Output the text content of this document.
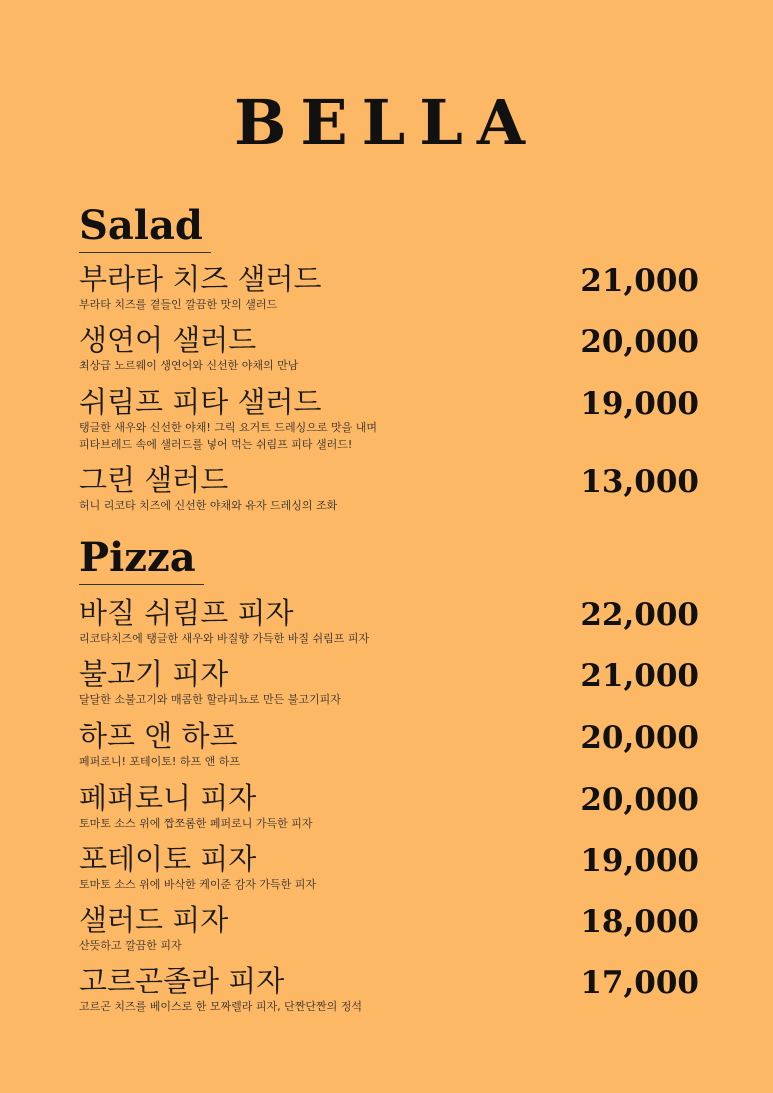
BELLA
Salad
부라타 치즈 샐러드
부라타 치즈를 곁들인 깔끔한 맛의 샐러드
21,000
생연어 샐러드
최상급 노르웨이 생연어와 신선한 야채의 만남
20,000
쉬림프 피타 샐러드
탱글한 새우와 신선한 야채! 그릭 요거트 드레싱으로 맛을 내며
피타브레드 속에 샐러드를 넣어 먹는 쉬림프 피타 샐러드!
19,000
그린 샐러드
허니 리코타 치즈에 신선한 야채와 유자 드레싱의 조화
13,000
Pizza
바질 쉬림프 피자
리코타치즈에 탱글한 새우와 바질향 가득한 바질 쉬림프 피자
22,000
불고기 피자
달달한 소불고기와 매콤한 할라피뇨로 만든 불고기피자
21,000
하프 앤 하프
페퍼로니! 포테이토! 하프 앤 하프
20,000
페퍼로니 피자
토마토 소스 위에 짭쪼롬한 페퍼로니 가득한 피자
20,000
포테이토 피자
토마토 소스 위에 바삭한 케이준 감자 가득한 피자
19,000
샐러드 피자
산뜻하고 깔끔한 피자
18,000
고르곤졸라 피자
고르곤 치즈를 베이스로 한 모짜렐라 피자, 단짠단짠의 정석
17,000
